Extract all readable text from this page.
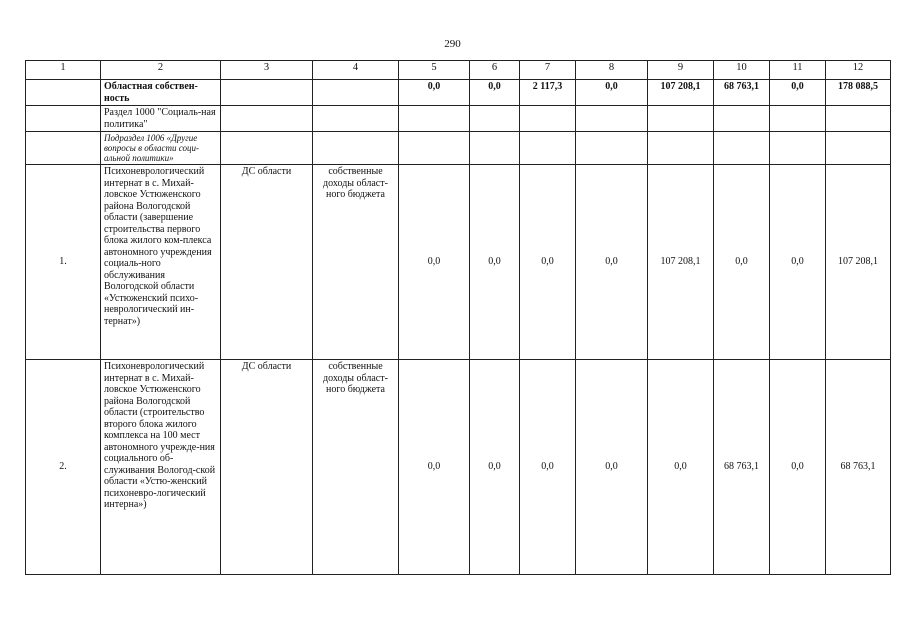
290
1	2	3	4	5	6	7	8	9	10	11	12
	Областная собствен-ность			0,0	0,0	2 117,3	0,0	107 208,1	68 763,1	0,0	178 088,5
	Раздел 1000 "Социаль-ная политика"										
	Подраздел 1006 «Другие вопросы в области соци-альной политики»										
1.	Психоневрологический интернат в с. Михай-ловское Устюженского района Вологодской области (завершение строительства первого блока жилого ком-плекса автономного учреждения социаль-ного обслуживания Вологодской области «Устюженский психо-неврологический ин-тернат»)	ДС области	собственные доходы облаcт-ного бюджета	0,0	0,0	0,0	0,0	107 208,1	0,0	0,0	107 208,1
2.	Психоневрологический интернат в с. Михай-ловское Устюженского района Вологодской области (строительство второго блока жилого комплекса на 100 мест автономного учрежде-ния социального об-служивания Вологод-ской области «Устю-женский психоневро-логический интерна»)	ДС области	собственные доходы облаcт-ного бюджета	0,0	0,0	0,0	0,0	0,0	68 763,1	0,0	68 763,1
